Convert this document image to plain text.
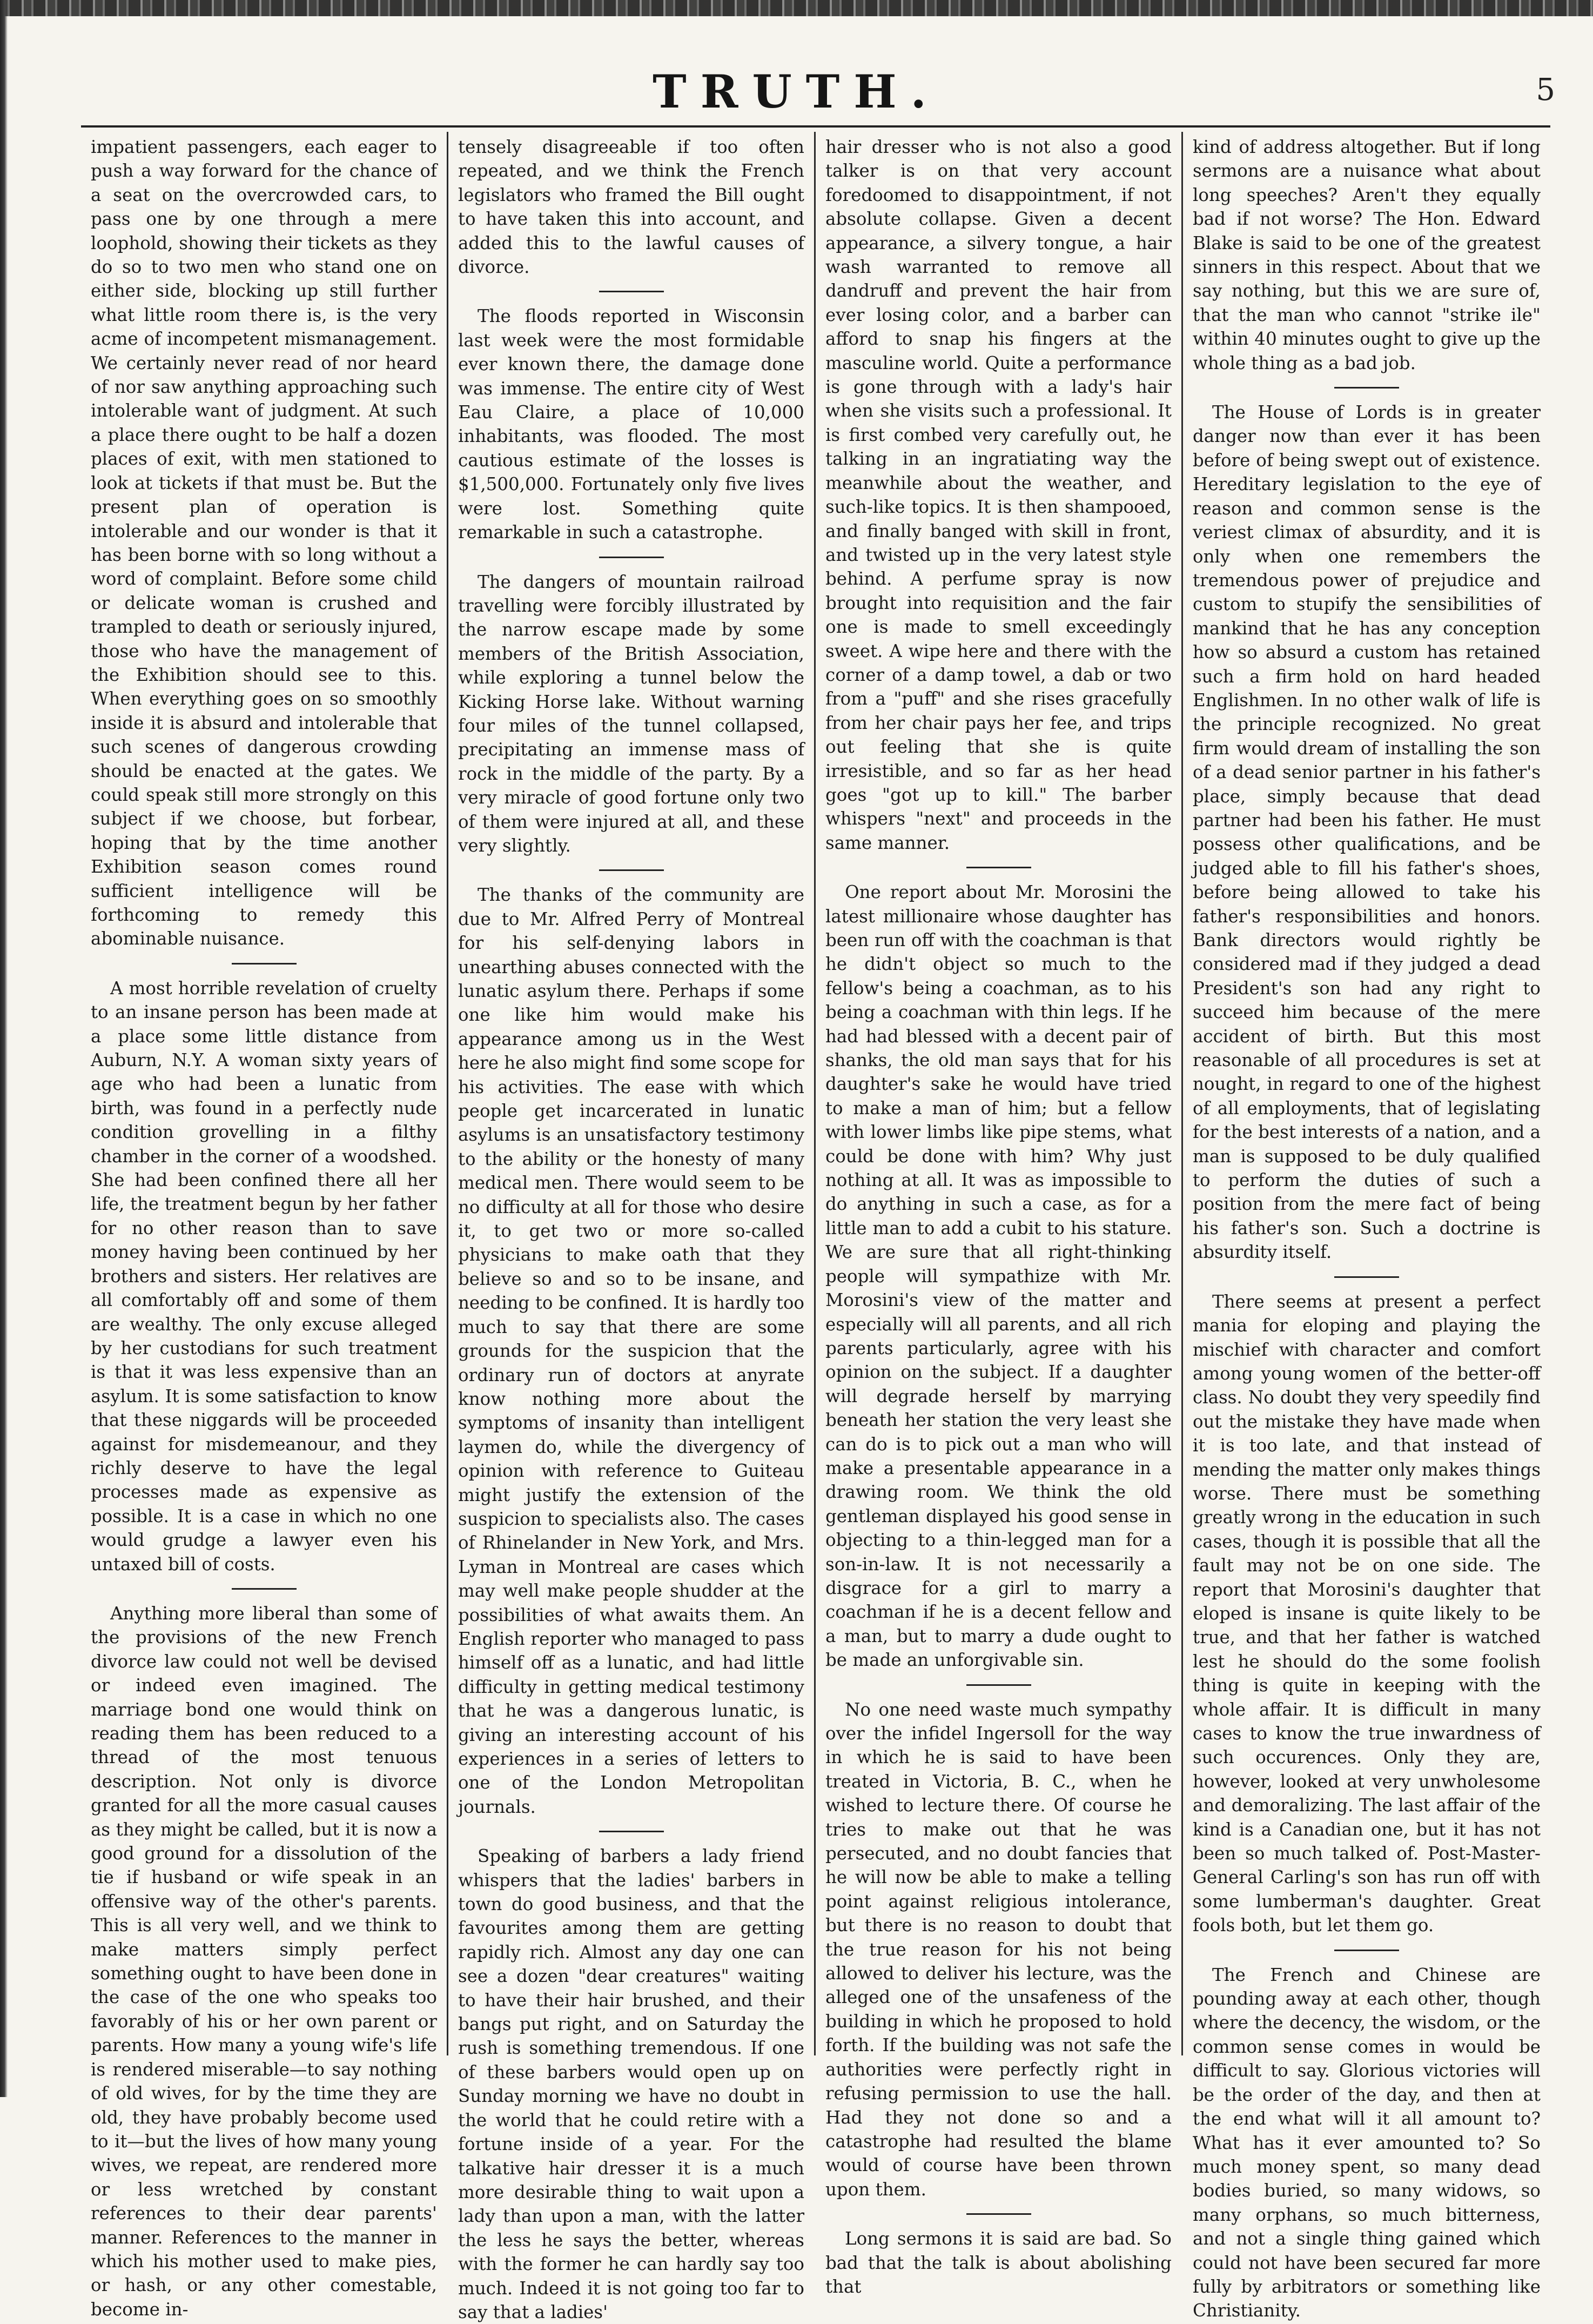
TRUTH.	5

impatient passengers, each eager to push a way forward for the chance of a seat on the overcrowded cars, to pass one by one through a mere loophold, showing their tickets as they do so to two men who stand one on either side, blocking up still further what little room there is, is the very acme of incompetent mismanagement. We certainly never read of nor heard of nor saw anything approaching such intolerable want of judgment. At such a place there ought to be half a dozen places of exit, with men stationed to look at tickets if that must be. But the present plan of operation is intolerable and our wonder is that it has been borne with so long without a word of complaint. Before some child or delicate woman is crushed and trampled to death or seriously injured, those who have the management of the Exhibition should see to this. When everything goes on so smoothly inside it is absurd and intolerable that such scenes of dangerous crowding should be enacted at the gates. We could speak still more strongly on this subject if we choose, but forbear, hoping that by the time another Exhibition season comes round sufficient intelligence will be forthcoming to remedy this abominable nuisance.

A most horrible revelation of cruelty to an insane person has been made at a place some little distance from Auburn, N.Y. A woman sixty years of age who had been a lunatic from birth, was found in a perfectly nude condition grovelling in a filthy chamber in the corner of a woodshed. She had been confined there all her life, the treatment begun by her father for no other reason than to save money having been continued by her brothers and sisters. Her relatives are all comfortably off and some of them are wealthy. The only excuse alleged by her custodians for such treatment is that it was less expensive than an asylum. It is some satisfaction to know that these niggards will be proceeded against for misdemeanour, and they richly deserve to have the legal processes made as expensive as possible. It is a case in which no one would grudge a lawyer even his untaxed bill of costs.

Anything more liberal than some of the provisions of the new French divorce law could not well be devised or indeed even imagined. The marriage bond one would think on reading them has been reduced to a thread of the most tenuous description. Not only is divorce granted for all the more casual causes as they might be called, but it is now a good ground for a dissolution of the tie if husband or wife speak in an offensive way of the other's parents. This is all very well, and we think to make matters simply perfect something ought to have been done in the case of the one who speaks too favorably of his or her own parent or parents. How many a young wife's life is rendered miserable—to say nothing of old wives, for by the time they are old, they have probably become used to it—but the lives of how many young wives, we repeat, are rendered more or less wretched by constant references to their dear parents' manner. References to the manner in which his mother used to make pies, or hash, or any other comestable, become in-

tensely disagreeable if too often repeated, and we think the French legislators who framed the Bill ought to have taken this into account, and added this to the lawful causes of divorce.

The floods reported in Wisconsin last week were the most formidable ever known there, the damage done was immense. The entire city of West Eau Claire, a place of 10,000 inhabitants, was flooded. The most cautious estimate of the losses is $1,500,000. Fortunately only five lives were lost. Something quite remarkable in such a catastrophe.

The dangers of mountain railroad travelling were forcibly illustrated by the narrow escape made by some members of the British Association, while exploring a tunnel below the Kicking Horse lake. Without warning four miles of the tunnel collapsed, precipitating an immense mass of rock in the middle of the party. By a very miracle of good fortune only two of them were injured at all, and these very slightly.

The thanks of the community are due to Mr. Alfred Perry of Montreal for his self-denying labors in unearthing abuses connected with the lunatic asylum there. Perhaps if some one like him would make his appearance among us in the West here he also might find some scope for his activities. The ease with which people get incarcerated in lunatic asylums is an unsatisfactory testimony to the ability or the honesty of many medical men. There would seem to be no difficulty at all for those who desire it, to get two or more so-called physicians to make oath that they believe so and so to be insane, and needing to be confined. It is hardly too much to say that there are some grounds for the suspicion that the ordinary run of doctors at anyrate know nothing more about the symptoms of insanity than intelligent laymen do, while the divergency of opinion with reference to Guiteau might justify the extension of the suspicion to specialists also. The cases of Rhinelander in New York, and Mrs. Lyman in Montreal are cases which may well make people shudder at the possibilities of what awaits them. An English reporter who managed to pass himself off as a lunatic, and had little difficulty in getting medical testimony that he was a dangerous lunatic, is giving an interesting account of his experiences in a series of letters to one of the London Metropolitan journals.

Speaking of barbers a lady friend whispers that the ladies' barbers in town do good business, and that the favourites among them are getting rapidly rich. Almost any day one can see a dozen "dear creatures" waiting to have their hair brushed, and their bangs put right, and on Saturday the rush is something tremendous. If one of these barbers would open up on Sunday morning we have no doubt in the world that he could retire with a fortune inside of a year. For the talkative hair dresser it is a much more desirable thing to wait upon a lady than upon a man, with the latter the less he says the better, whereas with the former he can hardly say too much. Indeed it is not going too far to say that a ladies'

hair dresser who is not also a good talker is on that very account foredoomed to disappointment, if not absolute collapse. Given a decent appearance, a silvery tongue, a hair wash warranted to remove all dandruff and prevent the hair from ever losing color, and a barber can afford to snap his fingers at the masculine world. Quite a performance is gone through with a lady's hair when she visits such a professional. It is first combed very carefully out, he talking in an ingratiating way the meanwhile about the weather, and such-like topics. It is then shampooed, and finally banged with skill in front, and twisted up in the very latest style behind. A perfume spray is now brought into requisition and the fair one is made to smell exceedingly sweet. A wipe here and there with the corner of a damp towel, a dab or two from a "puff" and she rises gracefully from her chair pays her fee, and trips out feeling that she is quite irresistible, and so far as her head goes "got up to kill." The barber whispers "next" and proceeds in the same manner.

One report about Mr. Morosini the latest millionaire whose daughter has been run off with the coachman is that he didn't object so much to the fellow's being a coachman, as to his being a coachman with thin legs. If he had had blessed with a decent pair of shanks, the old man says that for his daughter's sake he would have tried to make a man of him; but a fellow with lower limbs like pipe stems, what could be done with him? Why just nothing at all. It was as impossible to do anything in such a case, as for a little man to add a cubit to his stature. We are sure that all right-thinking people will sympathize with Mr. Morosini's view of the matter and especially will all parents, and all rich parents particularly, agree with his opinion on the subject. If a daughter will degrade herself by marrying beneath her station the very least she can do is to pick out a man who will make a presentable appearance in a drawing room. We think the old gentleman displayed his good sense in objecting to a thin-legged man for a son-in-law. It is not necessarily a disgrace for a girl to marry a coachman if he is a decent fellow and a man, but to marry a dude ought to be made an unforgivable sin.

No one need waste much sympathy over the infidel Ingersoll for the way in which he is said to have been treated in Victoria, B. C., when he wished to lecture there. Of course he tries to make out that he was persecuted, and no doubt fancies that he will now be able to make a telling point against religious intolerance, but there is no reason to doubt that the true reason for his not being allowed to deliver his lecture, was the alleged one of the unsafeness of the building in which he proposed to hold forth. If the building was not safe the authorities were perfectly right in refusing permission to use the hall. Had they not done so and a catastrophe had resulted the blame would of course have been thrown upon them.

Long sermons it is said are bad. So bad that the talk is about abolishing that

kind of address altogether. But if long sermons are a nuisance what about long speeches? Aren't they equally bad if not worse? The Hon. Edward Blake is said to be one of the greatest sinners in this respect. About that we say nothing, but this we are sure of, that the man who cannot "strike ile" within 40 minutes ought to give up the whole thing as a bad job.

The House of Lords is in greater danger now than ever it has been before of being swept out of existence. Hereditary legislation to the eye of reason and common sense is the veriest climax of absurdity, and it is only when one remembers the tremendous power of prejudice and custom to stupify the sensibilities of mankind that he has any conception how so absurd a custom has retained such a firm hold on hard headed Englishmen. In no other walk of life is the principle recognized. No great firm would dream of installing the son of a dead senior partner in his father's place, simply because that dead partner had been his father. He must possess other qualifications, and be judged able to fill his father's shoes, before being allowed to take his father's responsibilities and honors. Bank directors would rightly be considered mad if they judged a dead President's son had any right to succeed him because of the mere accident of birth. But this most reasonable of all procedures is set at nought, in regard to one of the highest of all employments, that of legislating for the best interests of a nation, and a man is supposed to be duly qualified to perform the duties of such a position from the mere fact of being his father's son. Such a doctrine is absurdity itself.

There seems at present a perfect mania for eloping and playing the mischief with character and comfort among young women of the better-off class. No doubt they very speedily find out the mistake they have made when it is too late, and that instead of mending the matter only makes things worse. There must be something greatly wrong in the education in such cases, though it is possible that all the fault may not be on one side. The report that Morosini's daughter that eloped is insane is quite likely to be true, and that her father is watched lest he should do the some foolish thing is quite in keeping with the whole affair. It is difficult in many cases to know the true inwardness of such occurences. Only they are, however, looked at very unwholesome and demoralizing. The last affair of the kind is a Canadian one, but it has not been so much talked of. Post-Master-General Carling's son has run off with some lumberman's daughter. Great fools both, but let them go.

The French and Chinese are pounding away at each other, though where the decency, the wisdom, or the common sense comes in would be difficult to say. Glorious victories will be the order of the day, and then at the end what will it all amount to? What has it ever amounted to? So much money spent, so many dead bodies buried, so many widows, so many orphans, so much bitterness, and not a single thing gained which could not have been secured far more fully by arbitrators or something like Christianity.
